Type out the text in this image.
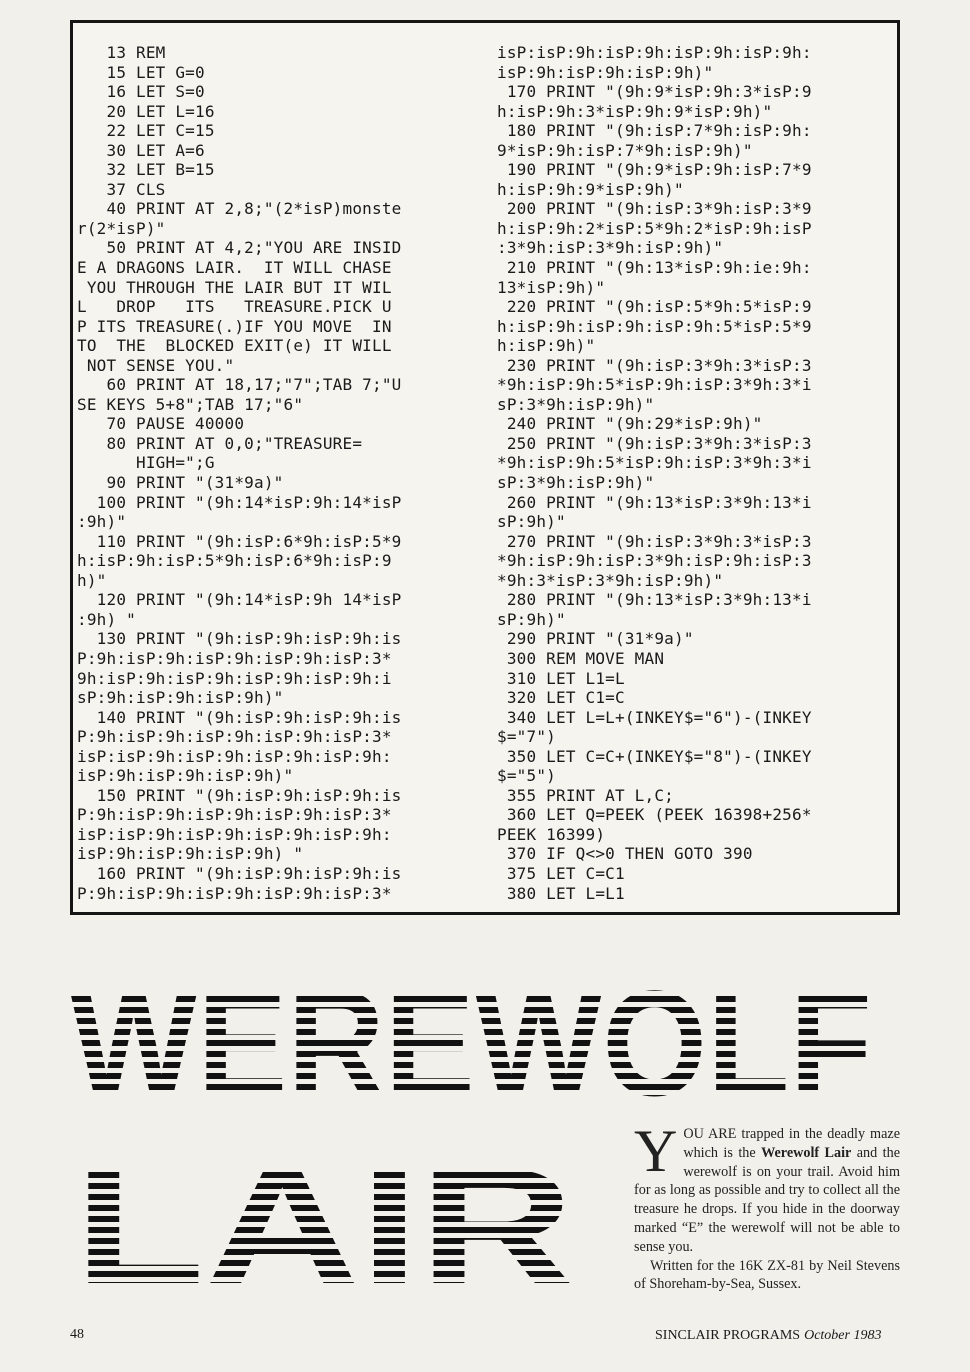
13 REM
15 LET G=0
16 LET S=0
20 LET L=16
22 LET C=15
30 LET A=6
32 LET B=15
37 CLS
40 PRINT AT 2,8;"(2*isP)monste
r(2*isP)"
50 PRINT AT 4,2;"YOU ARE INSID
E A DRAGONS LAIR.  IT WILL CHASE
YOU THROUGH THE LAIR BUT IT WIL
L   DROP   ITS   TREASURE.PICK U
P ITS TREASURE(.)IF YOU MOVE  IN
TO  THE  BLOCKED EXIT(e) IT WILL
NOT SENSE YOU."
60 PRINT AT 18,17;"7";TAB 7;"U
SE KEYS 5+8";TAB 17;"6"
70 PAUSE 40000
80 PRINT AT 0,0;"TREASURE=
HIGH=";G
90 PRINT "(31*9a)"
100 PRINT "(9h:14*isP:9h:14*isP
:9h)"
110 PRINT "(9h:isP:6*9h:isP:5*9
h:isP:9h:isP:5*9h:isP:6*9h:isP:9
h)"
120 PRINT "(9h:14*isP:9h 14*isP
:9h) "
130 PRINT "(9h:isP:9h:isP:9h:is
P:9h:isP:9h:isP:9h:isP:9h:isP:3*
9h:isP:9h:isP:9h:isP:9h:isP:9h:i
sP:9h:isP:9h:isP:9h)"
140 PRINT "(9h:isP:9h:isP:9h:is
P:9h:isP:9h:isP:9h:isP:9h:isP:3*
isP:isP:9h:isP:9h:isP:9h:isP:9h:
isP:9h:isP:9h:isP:9h)"
150 PRINT "(9h:isP:9h:isP:9h:is
P:9h:isP:9h:isP:9h:isP:9h:isP:3*
isP:isP:9h:isP:9h:isP:9h:isP:9h:
isP:9h:isP:9h:isP:9h) "
160 PRINT "(9h:isP:9h:isP:9h:is
P:9h:isP:9h:isP:9h:isP:9h:isP:3*
isP:isP:9h:isP:9h:isP:9h:isP:9h:
isP:9h:isP:9h:isP:9h)"
170 PRINT "(9h:9*isP:9h:3*isP:9
h:isP:9h:3*isP:9h:9*isP:9h)"
180 PRINT "(9h:isP:7*9h:isP:9h:
9*isP:9h:isP:7*9h:isP:9h)"
190 PRINT "(9h:9*isP:9h:isP:7*9
h:isP:9h:9*isP:9h)"
200 PRINT "(9h:isP:3*9h:isP:3*9
h:isP:9h:2*isP:5*9h:2*isP:9h:isP
:3*9h:isP:3*9h:isP:9h)"
210 PRINT "(9h:13*isP:9h:ie:9h:
13*isP:9h)"
220 PRINT "(9h:isP:5*9h:5*isP:9
h:isP:9h:isP:9h:isP:9h:5*isP:5*9
h:isP:9h)"
230 PRINT "(9h:isP:3*9h:3*isP:3
*9h:isP:9h:5*isP:9h:isP:3*9h:3*i
sP:3*9h:isP:9h)"
240 PRINT "(9h:29*isP:9h)"
250 PRINT "(9h:isP:3*9h:3*isP:3
*9h:isP:9h:5*isP:9h:isP:3*9h:3*i
sP:3*9h:isP:9h)"
260 PRINT "(9h:13*isP:3*9h:13*i
sP:9h)"
270 PRINT "(9h:isP:3*9h:3*isP:3
*9h:isP:9h:isP:3*9h:isP:9h:isP:3
*9h:3*isP:3*9h:isP:9h)"
280 PRINT "(9h:13*isP:3*9h:13*i
sP:9h)"
290 PRINT "(31*9a)"
300 REM MOVE MAN
310 LET L1=L
320 LET C1=C
340 LET L=L+(INKEY$="6")-(INKEY
$="7")
350 LET C=C+(INKEY$="8")-(INKEY
$="5")
355 PRINT AT L,C;
360 LET Q=PEEK (PEEK 16398+256*
PEEK 16399)
370 IF Q<>0 THEN GOTO 390
375 LET C=C1
380 LET L=L1

YOU ARE trapped in the deadly maze which is the Werewolf Lair and the werewolf is on your trail. Avoid him for as long as possible and try to collect all the treasure he drops. If you hide in the doorway marked “E” the werewolf will not be able to sense you.

Written for the 16K ZX-81 by Neil Stevens of Shoreham-by-Sea, Sussex.

48	SINCLAIR PROGRAMS October 1983
